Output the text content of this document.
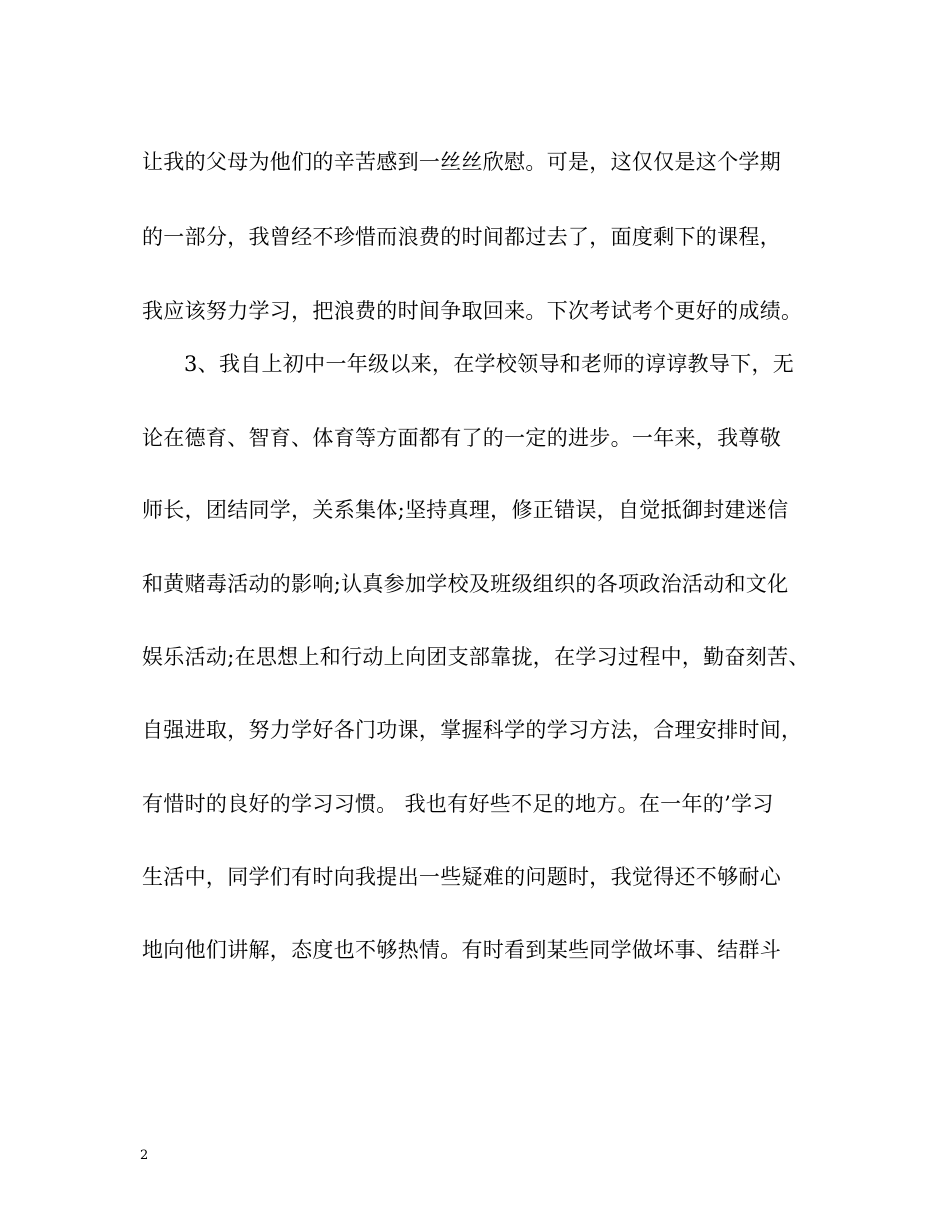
让我的父母为他们的辛苦感到一丝丝欣慰。可是，这仅仅是这个学期
的一部分，我曾经不珍惜而浪费的时间都过去了，面度剩下的课程，
我应该努力学习，把浪费的时间争取回来。下次考试考个更好的成绩。
3、我自上初中一年级以来，在学校领导和老师的谆谆教导下，无
论在德育、智育、体育等方面都有了的一定的进步。一年来，我尊敬
师长，团结同学，关系集体;坚持真理，修正错误，自觉抵御封建迷信
和黄赌毒活动的影响;认真参加学校及班级组织的各项政治活动和文化
娱乐活动;在思想上和行动上向团支部靠拢，在学习过程中，勤奋刻苦、
自强进取，努力学好各门功课，掌握科学的学习方法，合理安排时间，
有惜时的良好的学习习惯。 我也有好些不足的地方。在一年的’学习
生活中，同学们有时向我提出一些疑难的问题时，我觉得还不够耐心
地向他们讲解，态度也不够热情。有时看到某些同学做坏事、结群斗
2
